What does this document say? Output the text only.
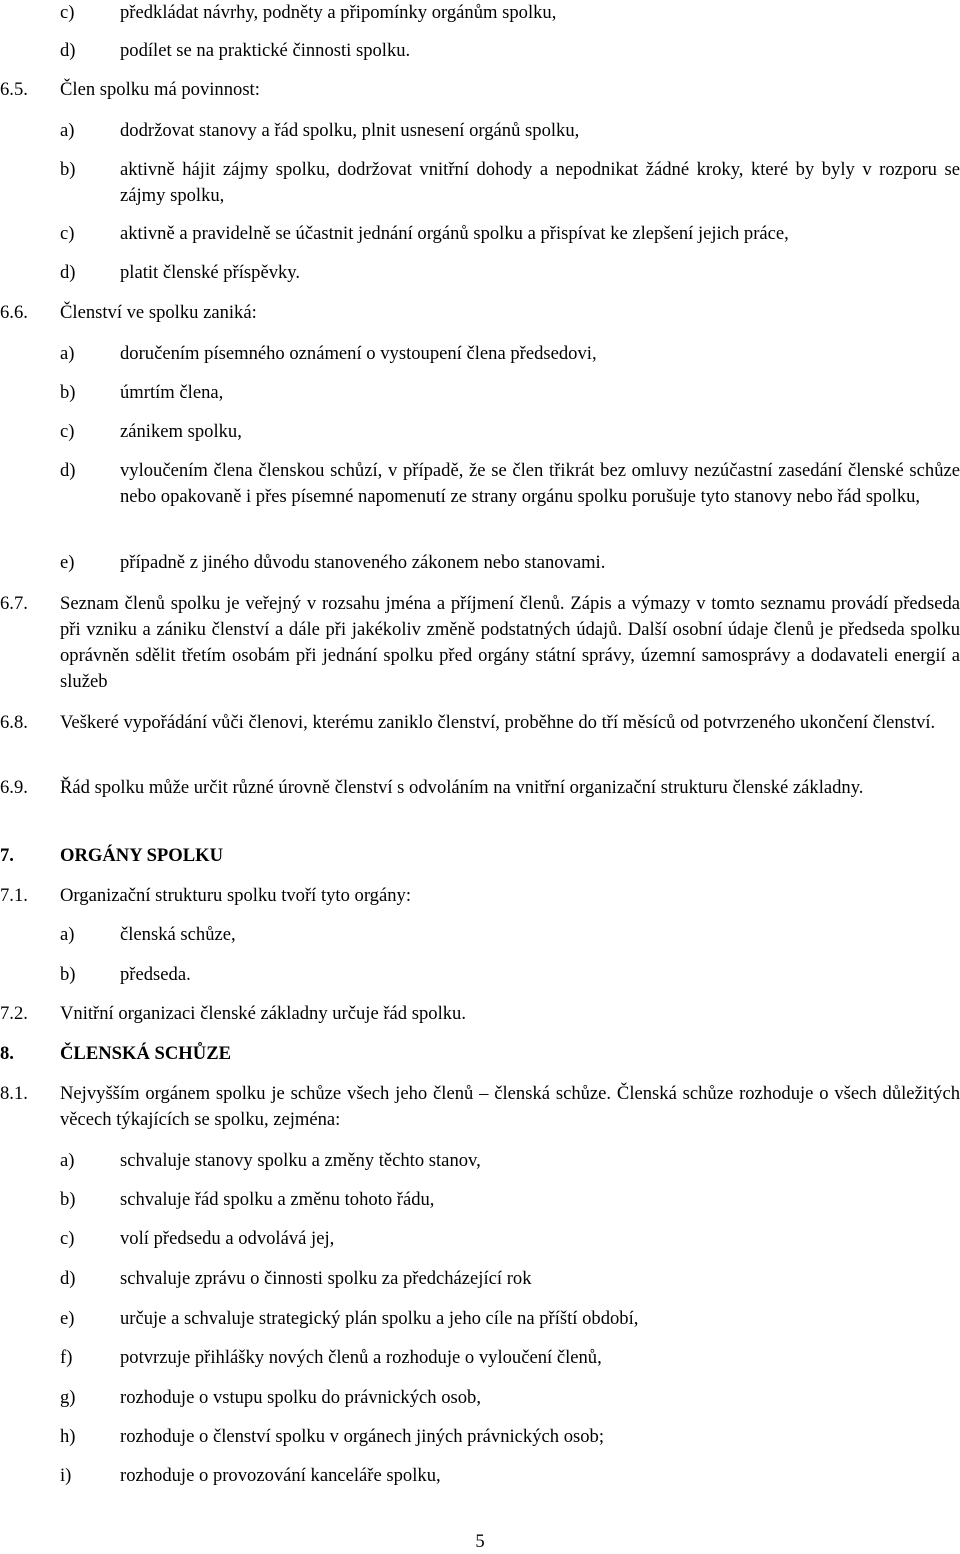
c)	předkládat návrhy, podněty a připomínky orgánům spolku,
d)	podílet se na praktické činnosti spolku.
6.5.	Člen spolku má povinnost:
a)	dodržovat stanovy a řád spolku, plnit usnesení orgánů spolku,
b)	aktivně hájit zájmy spolku, dodržovat vnitřní dohody a nepodnikat žádné kroky, které by byly v rozporu se zájmy spolku,
c)	aktivně a pravidelně se účastnit jednání orgánů spolku a přispívat ke zlepšení jejich práce,
d)	platit členské příspěvky.
6.6.	Členství ve spolku zaniká:
a)	doručením písemného oznámení o vystoupení člena předsedovi,
b)	úmrtím člena,
c)	zánikem spolku,
d)	vyloučením člena členskou schůzí, v případě, že se člen třikrát bez omluvy nezúčastní zasedání členské schůze nebo opakovaně i přes písemné napomenutí ze strany orgánu spolku porušuje tyto stanovy nebo řád spolku,
e)	případně z jiného důvodu stanoveného zákonem nebo stanovami.
6.7.	Seznam členů spolku je veřejný v rozsahu jména a příjmení členů. Zápis a výmazy v tomto seznamu provádí předseda při vzniku a zániku členství a dále při jakékoliv změně podstatných údajů. Další osobní údaje členů je předseda spolku oprávněn sdělit třetím osobám při jednání spolku před orgány státní správy, územní samosprávy a dodavateli energií a služeb
6.8.	Veškeré vypořádání vůči členovi, kterému zaniklo členství, proběhne do tří měsíců od potvrzeného ukončení členství.
6.9.	Řád spolku může určit různé úrovně členství s odvoláním na vnitřní organizační strukturu členské základny.
7.	ORGÁNY SPOLKU
7.1.	Organizační strukturu spolku tvoří tyto orgány:
a)	členská schůze,
b)	předseda.
7.2.	Vnitřní organizaci členské základny určuje řád spolku.
8.	ČLENSKÁ SCHŮZE
8.1.	Nejvyšším orgánem spolku je schůze všech jeho členů – členská schůze. Členská schůze rozhoduje o všech důležitých věcech týkajících se spolku, zejména:
a)	schvaluje stanovy spolku a změny těchto stanov,
b)	schvaluje řád spolku a změnu tohoto řádu,
c)	volí předsedu a odvolává jej,
d)	schvaluje zprávu o činnosti spolku za předcházející rok
e)	určuje a schvaluje strategický plán spolku a jeho cíle na příští období,
f)	potvrzuje přihlášky nových členů a rozhoduje o vyloučení členů,
g)	rozhoduje o vstupu spolku do právnických osob,
h)	rozhoduje o členství spolku v orgánech jiných právnických osob;
i)	rozhoduje o provozování kanceláře spolku,
5
